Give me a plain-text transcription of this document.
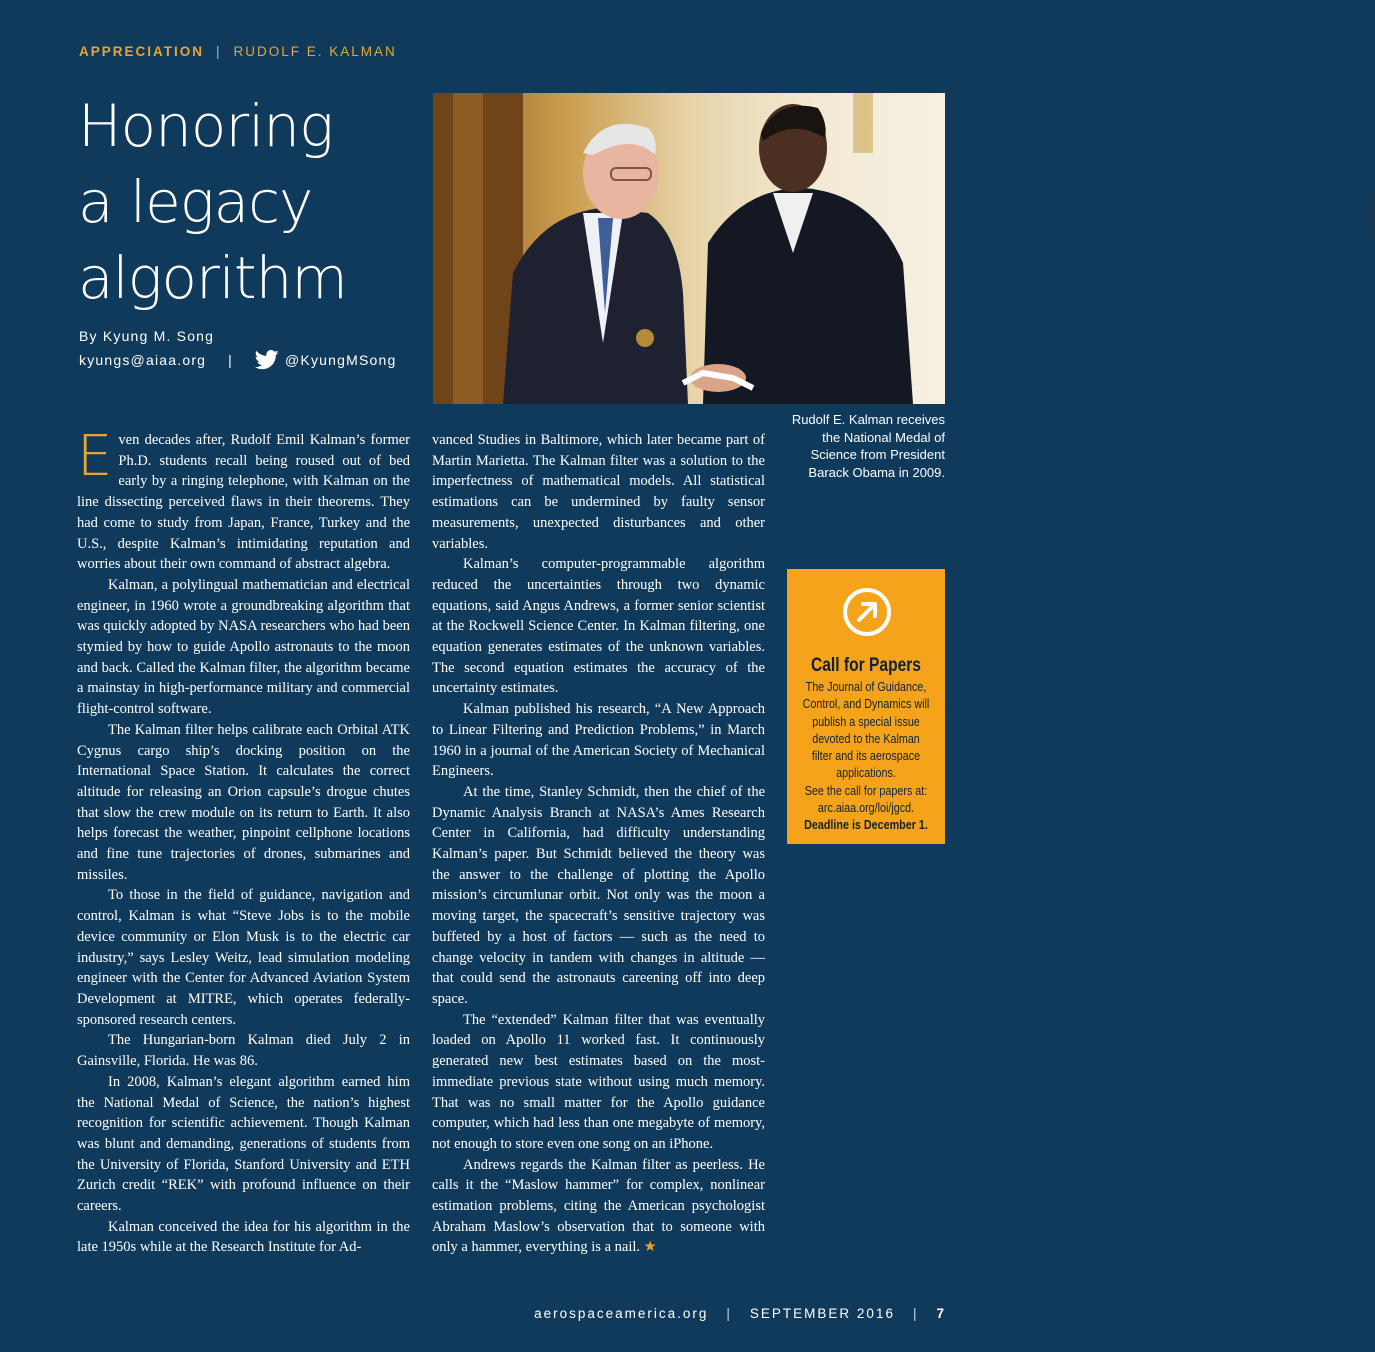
APPRECIATION | RUDOLF E. KALMAN
Honoring
a legacy
algorithm
By Kyung M. Song
kyungs@aiaa.org |	@KyungMSong
Ryan Morris
Rudolf E. Kalman receives the National Medal of Science from President Barack Obama in 2009.

Even decades after, Rudolf Emil Kalman’s former Ph.D. students recall being roused out of bed early by a ringing telephone, with Kalman on the line dissecting perceived flaws in their theorems. They had come to study from Japan, France, Turkey and the U.S., despite Kalman’s intimidating reputation and worries about their own command of abstract algebra.

Kalman, a polylingual mathematician and electrical engineer, in 1960 wrote a groundbreaking algorithm that was quickly adopted by NASA researchers who had been stymied by how to guide Apollo astronauts to the moon and back. Called the Kalman filter, the algorithm became a mainstay in high-performance military and commercial flight-control software.

The Kalman filter helps calibrate each Orbital ATK Cygnus cargo ship’s docking position on the International Space Station. It calculates the correct altitude for releasing an Orion capsule’s drogue chutes that slow the crew module on its return to Earth. It also helps forecast the weather, pinpoint cellphone locations and fine tune trajectories of drones, submarines and missiles.

To those in the field of guidance, navigation and control, Kalman is what “Steve Jobs is to the mobile device community or Elon Musk is to the electric car industry,” says Lesley Weitz, lead simulation modeling engineer with the Center for Advanced Aviation System Development at MITRE, which operates federally-sponsored research centers.

The Hungarian-born Kalman died July 2 in Gainsville, Florida. He was 86.

In 2008, Kalman’s elegant algorithm earned him the National Medal of Science, the nation’s highest recognition for scientific achievement. Though Kalman was blunt and demanding, generations of students from the University of Florida, Stanford University and ETH Zurich credit “REK” with profound influence on their careers.

Kalman conceived the idea for his algorithm in the late 1950s while at the Research Institute for Ad-

vanced Studies in Baltimore, which later became part of Martin Marietta. The Kalman filter was a solution to the imperfectness of mathematical models. All statistical estimations can be undermined by faulty sensor measurements, unexpected disturbances and other variables.

Kalman’s computer-programmable algorithm reduced the uncertainties through two dynamic equations, said Angus Andrews, a former senior scientist at the Rockwell Science Center. In Kalman filtering, one equation generates estimates of the unknown variables. The second equation estimates the accuracy of the uncertainty estimates.

Kalman published his research, “A New Approach to Linear Filtering and Prediction Problems,” in March 1960 in a journal of the American Society of Mechanical Engineers.

At the time, Stanley Schmidt, then the chief of the Dynamic Analysis Branch at NASA’s Ames Research Center in California, had difficulty understanding Kalman’s paper. But Schmidt believed the theory was the answer to the challenge of plotting the Apollo mission’s circumlunar orbit. Not only was the moon a moving target, the spacecraft’s sensitive trajectory was buffeted by a host of factors — such as the need to change velocity in tandem with changes in altitude — that could send the astronauts careening off into deep space.

The “extended” Kalman filter that was eventually loaded on Apollo 11 worked fast. It continuously generated new best estimates based on the most-immediate previous state without using much memory. That was no small matter for the Apollo guidance computer, which had less than one megabyte of memory, not enough to store even one song on an iPhone.

Andrews regards the Kalman filter as peerless. He calls it the “Maslow hammer” for complex, nonlinear estimation problems, citing the American psychologist Abraham Maslow’s observation that to someone with only a hammer, everything is a nail. ★

Call for Papers
The Journal of Guidance, Control, and Dynamics will publish a special issue devoted to the Kalman filter and its aerospace applications.
See the call for papers at: arc.aiaa.org/loi/jgcd.
Deadline is December 1.
aerospaceamerica.org | SEPTEMBER 2016 | 7
